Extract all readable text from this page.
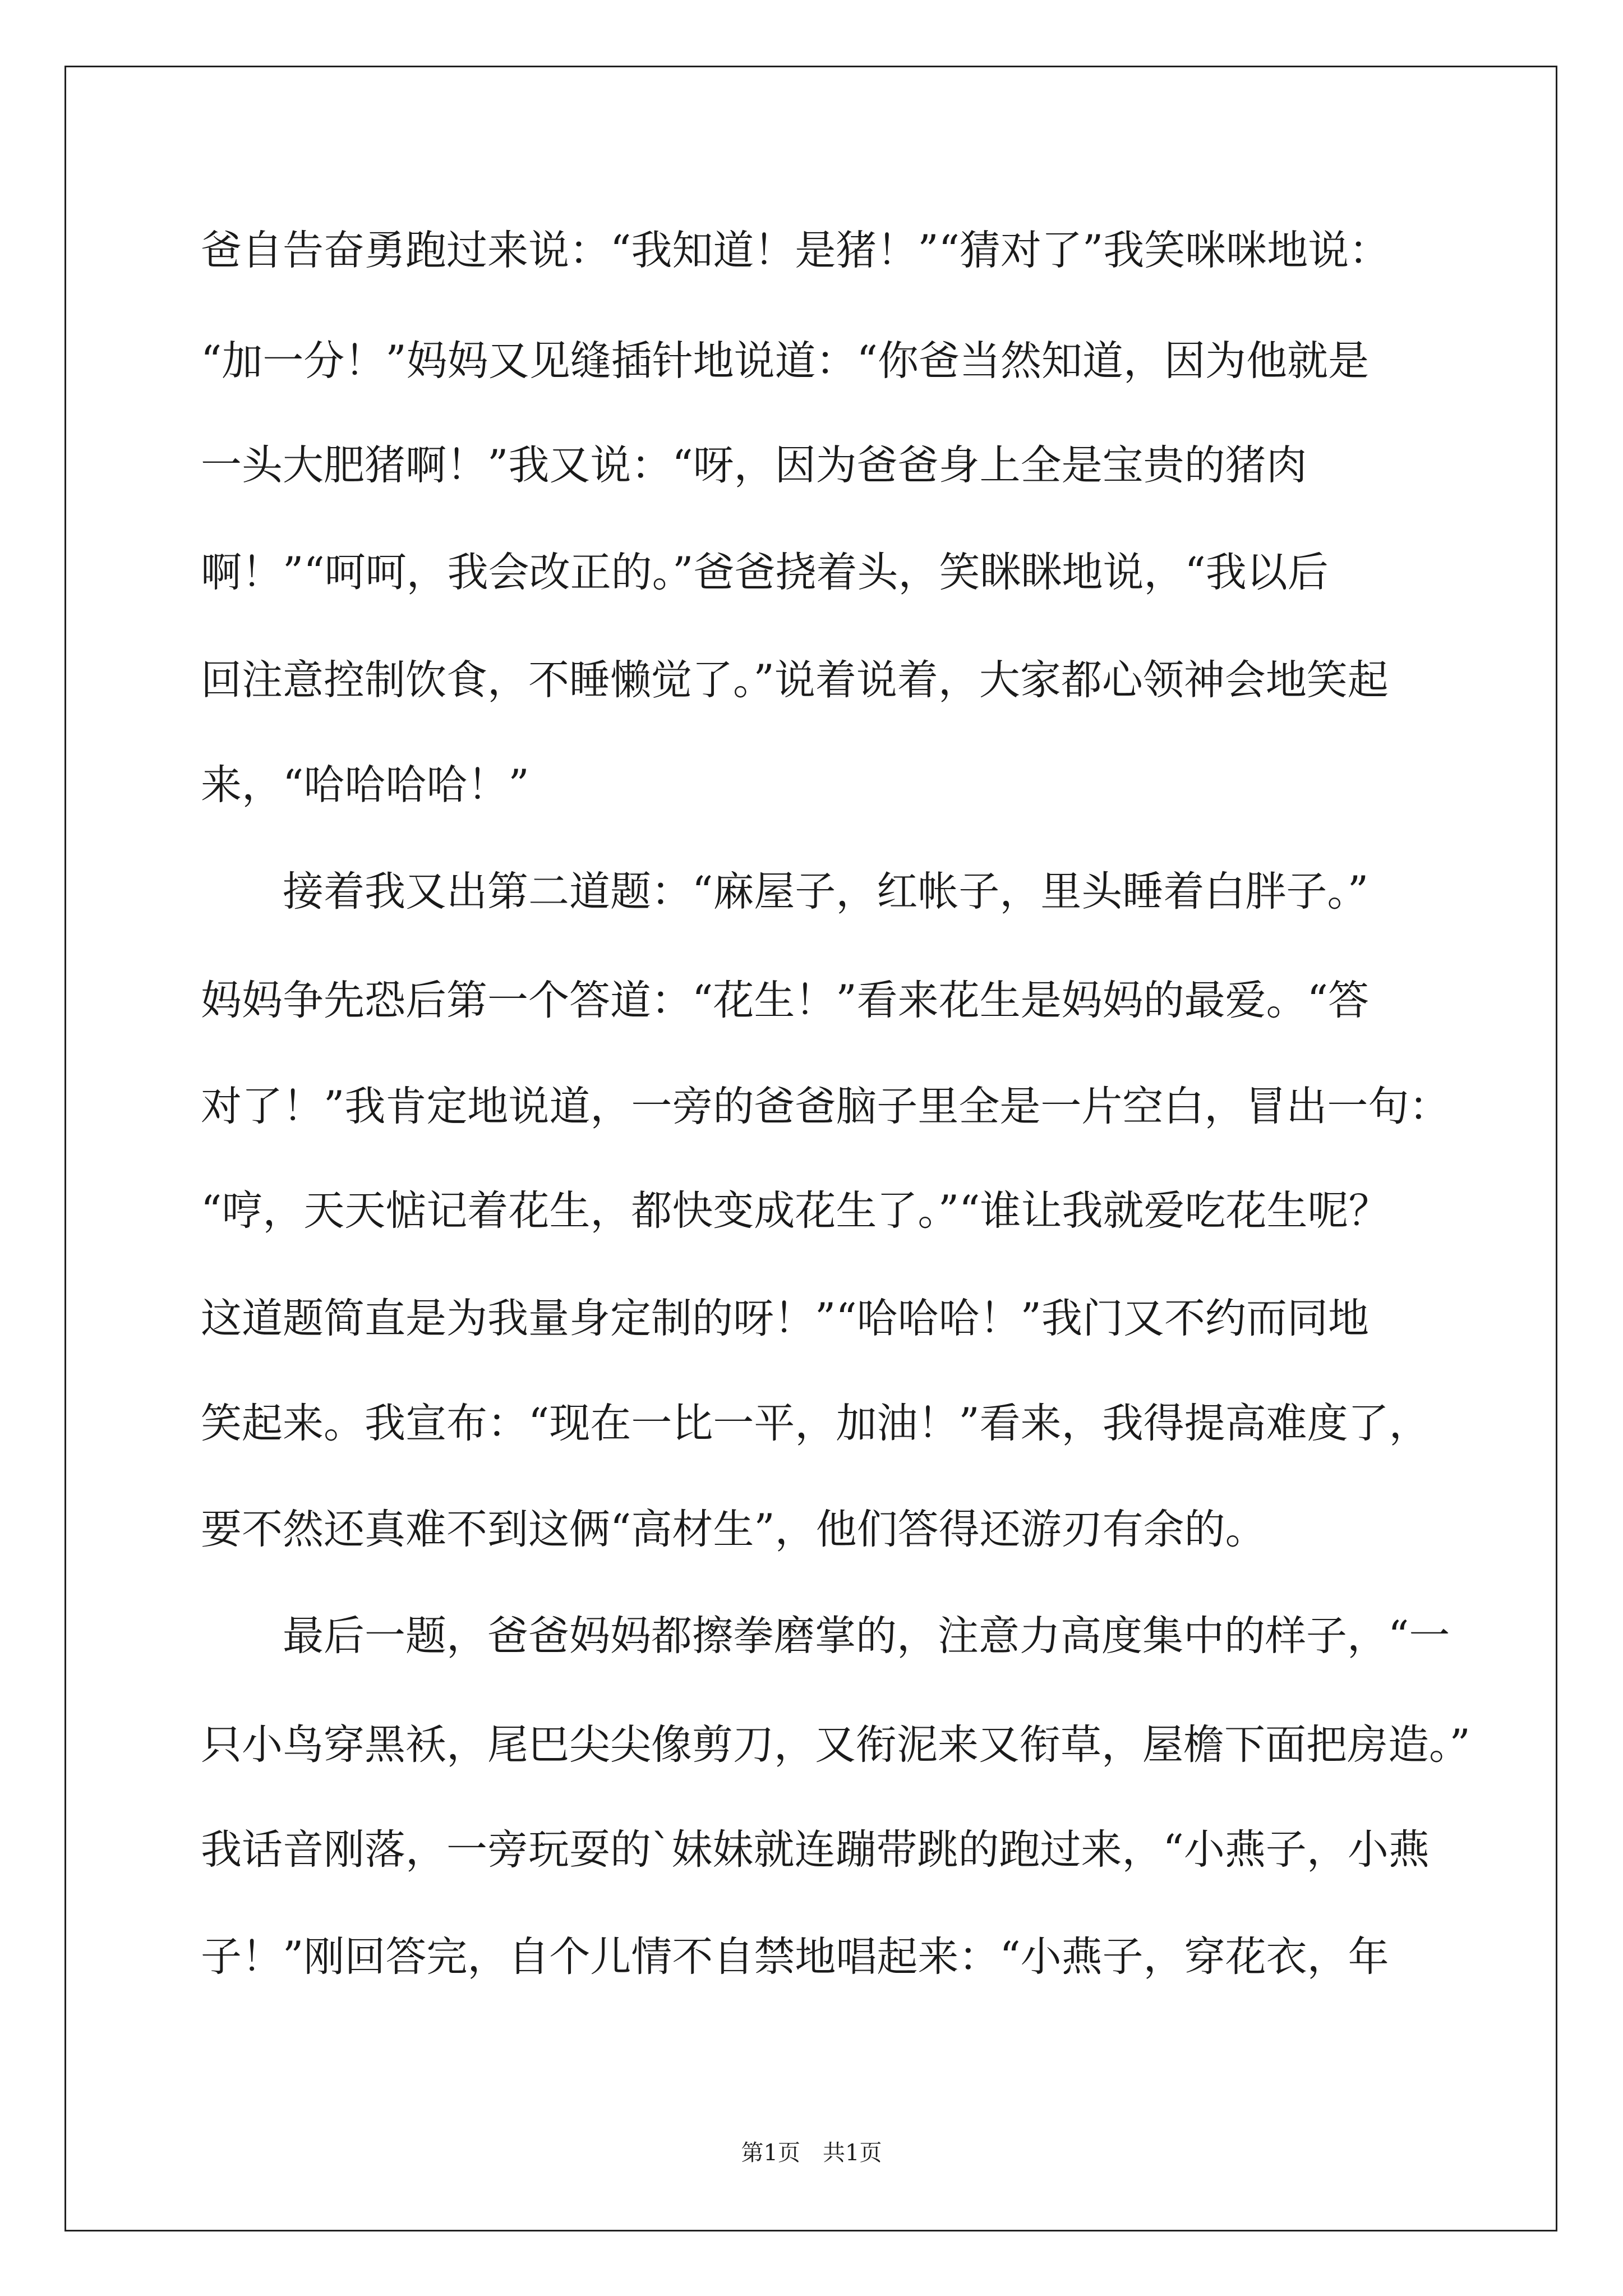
爸自告奋勇跑过来说：“我知道！是猪！”“猜对了”我笑咪咪地说：
“加一分！”妈妈又见缝插针地说道：“你爸当然知道，因为他就是
一头大肥猪啊！”我又说：“呀，因为爸爸身上全是宝贵的猪肉
啊！”“呵呵，我会改正的。”爸爸挠着头，笑眯眯地说，“我以后
回注意控制饮食，不睡懒觉了。”说着说着，大家都心领神会地笑起
来，“哈哈哈哈！”
接着我又出第二道题：“麻屋子，红帐子，里头睡着白胖子。”
妈妈争先恐后第一个答道：“花生！”看来花生是妈妈的最爱。“答
对了！”我肯定地说道，一旁的爸爸脑子里全是一片空白，冒出一句：
“哼，天天惦记着花生，都快变成花生了。”“谁让我就爱吃花生呢？
这道题简直是为我量身定制的呀！”“哈哈哈！”我门又不约而同地
笑起来。我宣布：“现在一比一平，加油！”看来，我得提高难度了，
要不然还真难不到这俩“高材生”，他们答得还游刃有余的。
最后一题，爸爸妈妈都擦拳磨掌的，注意力高度集中的样子，“一
只小鸟穿黑袄，尾巴尖尖像剪刀，又衔泥来又衔草，屋檐下面把房造。”
我话音刚落，一旁玩耍的`妹妹就连蹦带跳的跑过来，“小燕子，小燕
子！”刚回答完，自个儿情不自禁地唱起来：“小燕子，穿花衣，年
第1页　共1页
